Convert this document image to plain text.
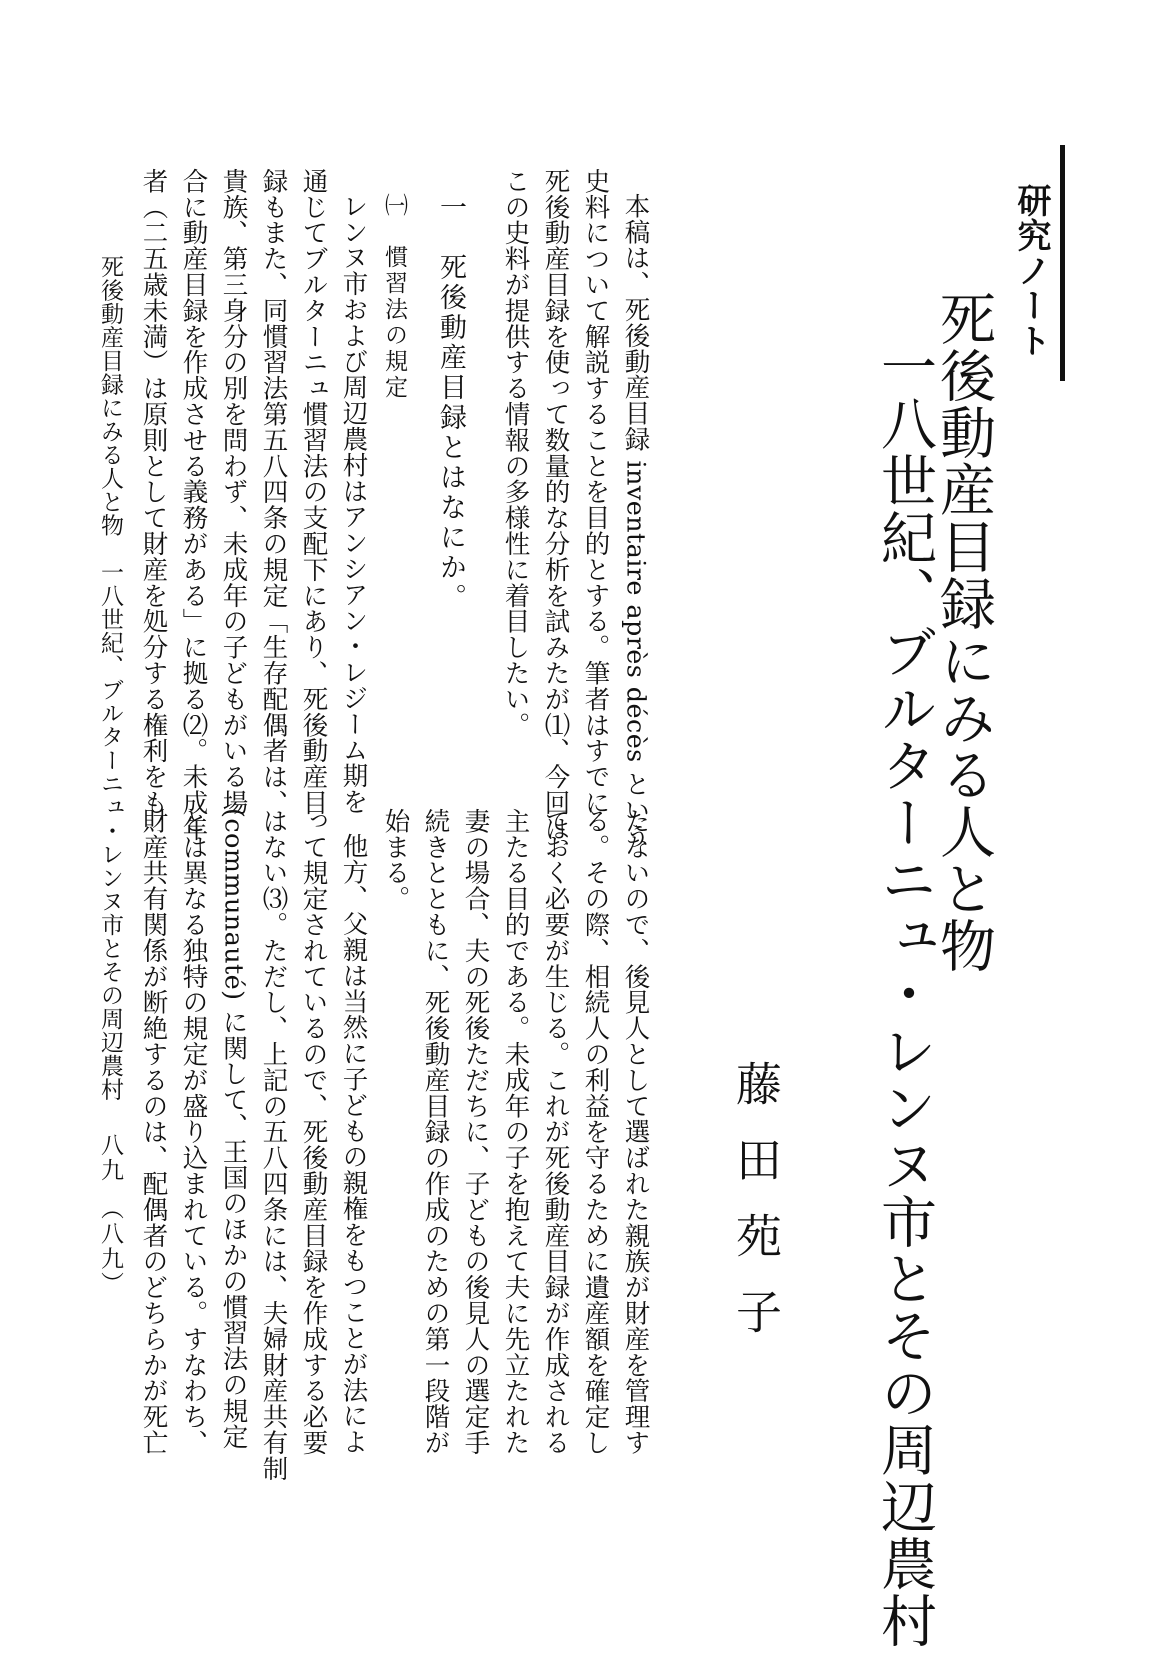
研究ノート
死後動産目録にみる人と物
一八世紀、ブルターニュ・レンヌ市とその周辺農村
藤田苑子
本稿は、死後動産目録 inventaire après décès という
史料について解説することを目的とする。筆者はすでに
死後動産目録を使って数量的な分析を試みたが⑴、今回は
この史料が提供する情報の多様性に着目したい。
一　死後動産目録とはなにか。
㈠　慣習法の規定
レンヌ市および周辺農村はアンシアン・レジーム期を
通じてブルターニュ慣習法の支配下にあり、死後動産目
録もまた、同慣習法第五八四条の規定「生存配偶者は、
貴族、第三身分の別を問わず、未成年の子どもがいる場
合に動産目録を作成させる義務がある」に拠る⑵。未成年
者（二五歳未満）は原則として財産を処分する権利をも
たないので、後見人として選ばれた親族が財産を管理す
る。その際、相続人の利益を守るために遺産額を確定し
ておく必要が生じる。これが死後動産目録が作成される
主たる目的である。未成年の子を抱えて夫に先立たれた
妻の場合、夫の死後ただちに、子どもの後見人の選定手
続きとともに、死後動産目録の作成のための第一段階が
始まる。
他方、父親は当然に子どもの親権をもつことが法によ
って規定されているので、死後動産目録を作成する必要
はない⑶。ただし、上記の五八四条には、夫婦財産共有制
(communauté) に関して、王国のほかの慣習法の規定
とは異なる独特の規定が盛り込まれている。すなわち、
財産共有関係が断絶するのは、配偶者のどちらかが死亡
死後動産目録にみる人と物　一八世紀、ブルターニュ・レンヌ市とその周辺農村
八九　（八九）
